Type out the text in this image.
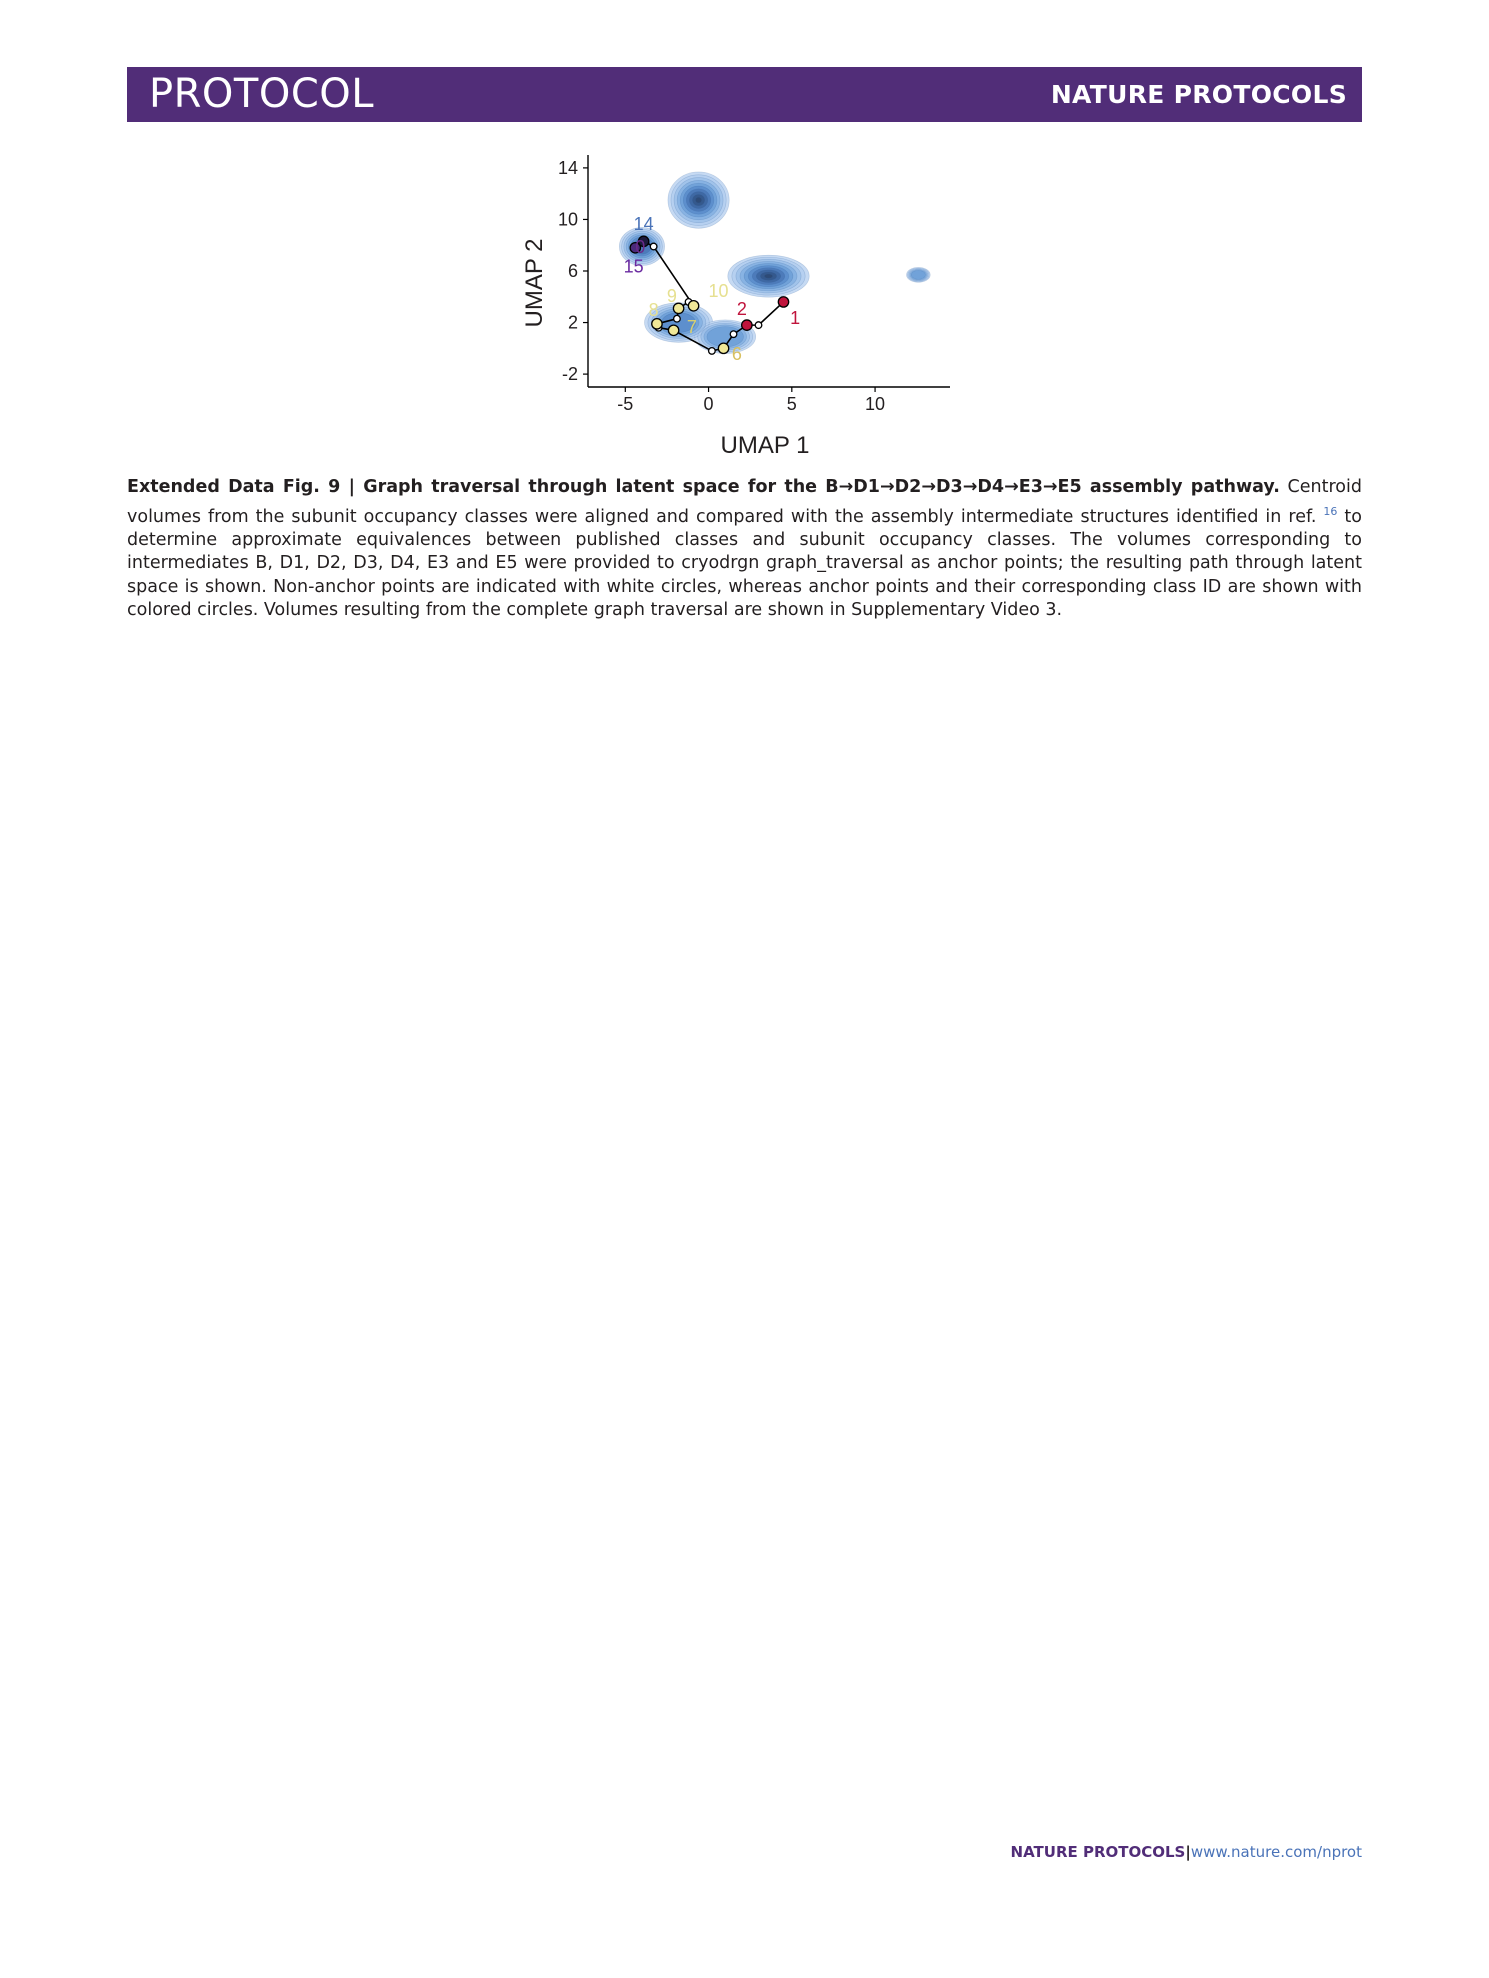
PROTOCOL	NATURE PROTOCOLS
14
0
15
10
9
8
7
6
2 1
-5	0	5	10
-2
2
6
10
14
UMAP 1
UMAP 2
Extended Data Fig. 9 | Graph traversal through latent space for the B→D1→D2→D3→D4→E3→E5 assembly pathway. Centroid volumes from the subunit occupancy classes were aligned and compared with the assembly intermediate structures identified in ref. $^{16}$ to determine approximate equivalences between published classes and subunit occupancy classes. The volumes corresponding to intermediates B, D1, D2, D3, D4, E3 and E5 were provided to cryodrgn graph_traversal as anchor points; the resulting path through latent space is shown. Non-anchor points are indicated with white circles, whereas anchor points and their corresponding class ID are shown with colored circles. Volumes resulting from the complete graph traversal are shown in Supplementary Video 3.
NATURE PROTOCOLS|www.nature.com/nprot
